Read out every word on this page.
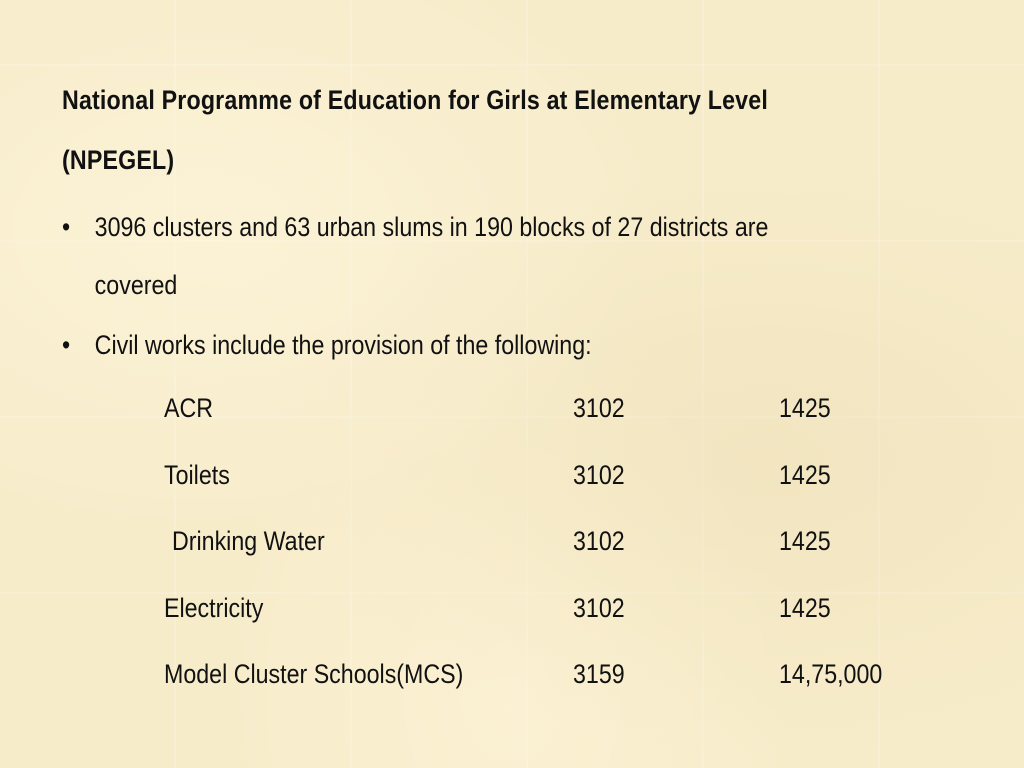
National Programme of Education for Girls at Elementary Level
(NPEGEL)
• 3096 clusters and 63 urban slums in 190 blocks of 27 districts are
covered
• Civil works include the provision of the following:
ACR	3102	1425
Toilets	3102	1425
Drinking Water	3102	1425
Electricity	3102	1425
Model Cluster Schools(MCS)	3159	14,75,000
